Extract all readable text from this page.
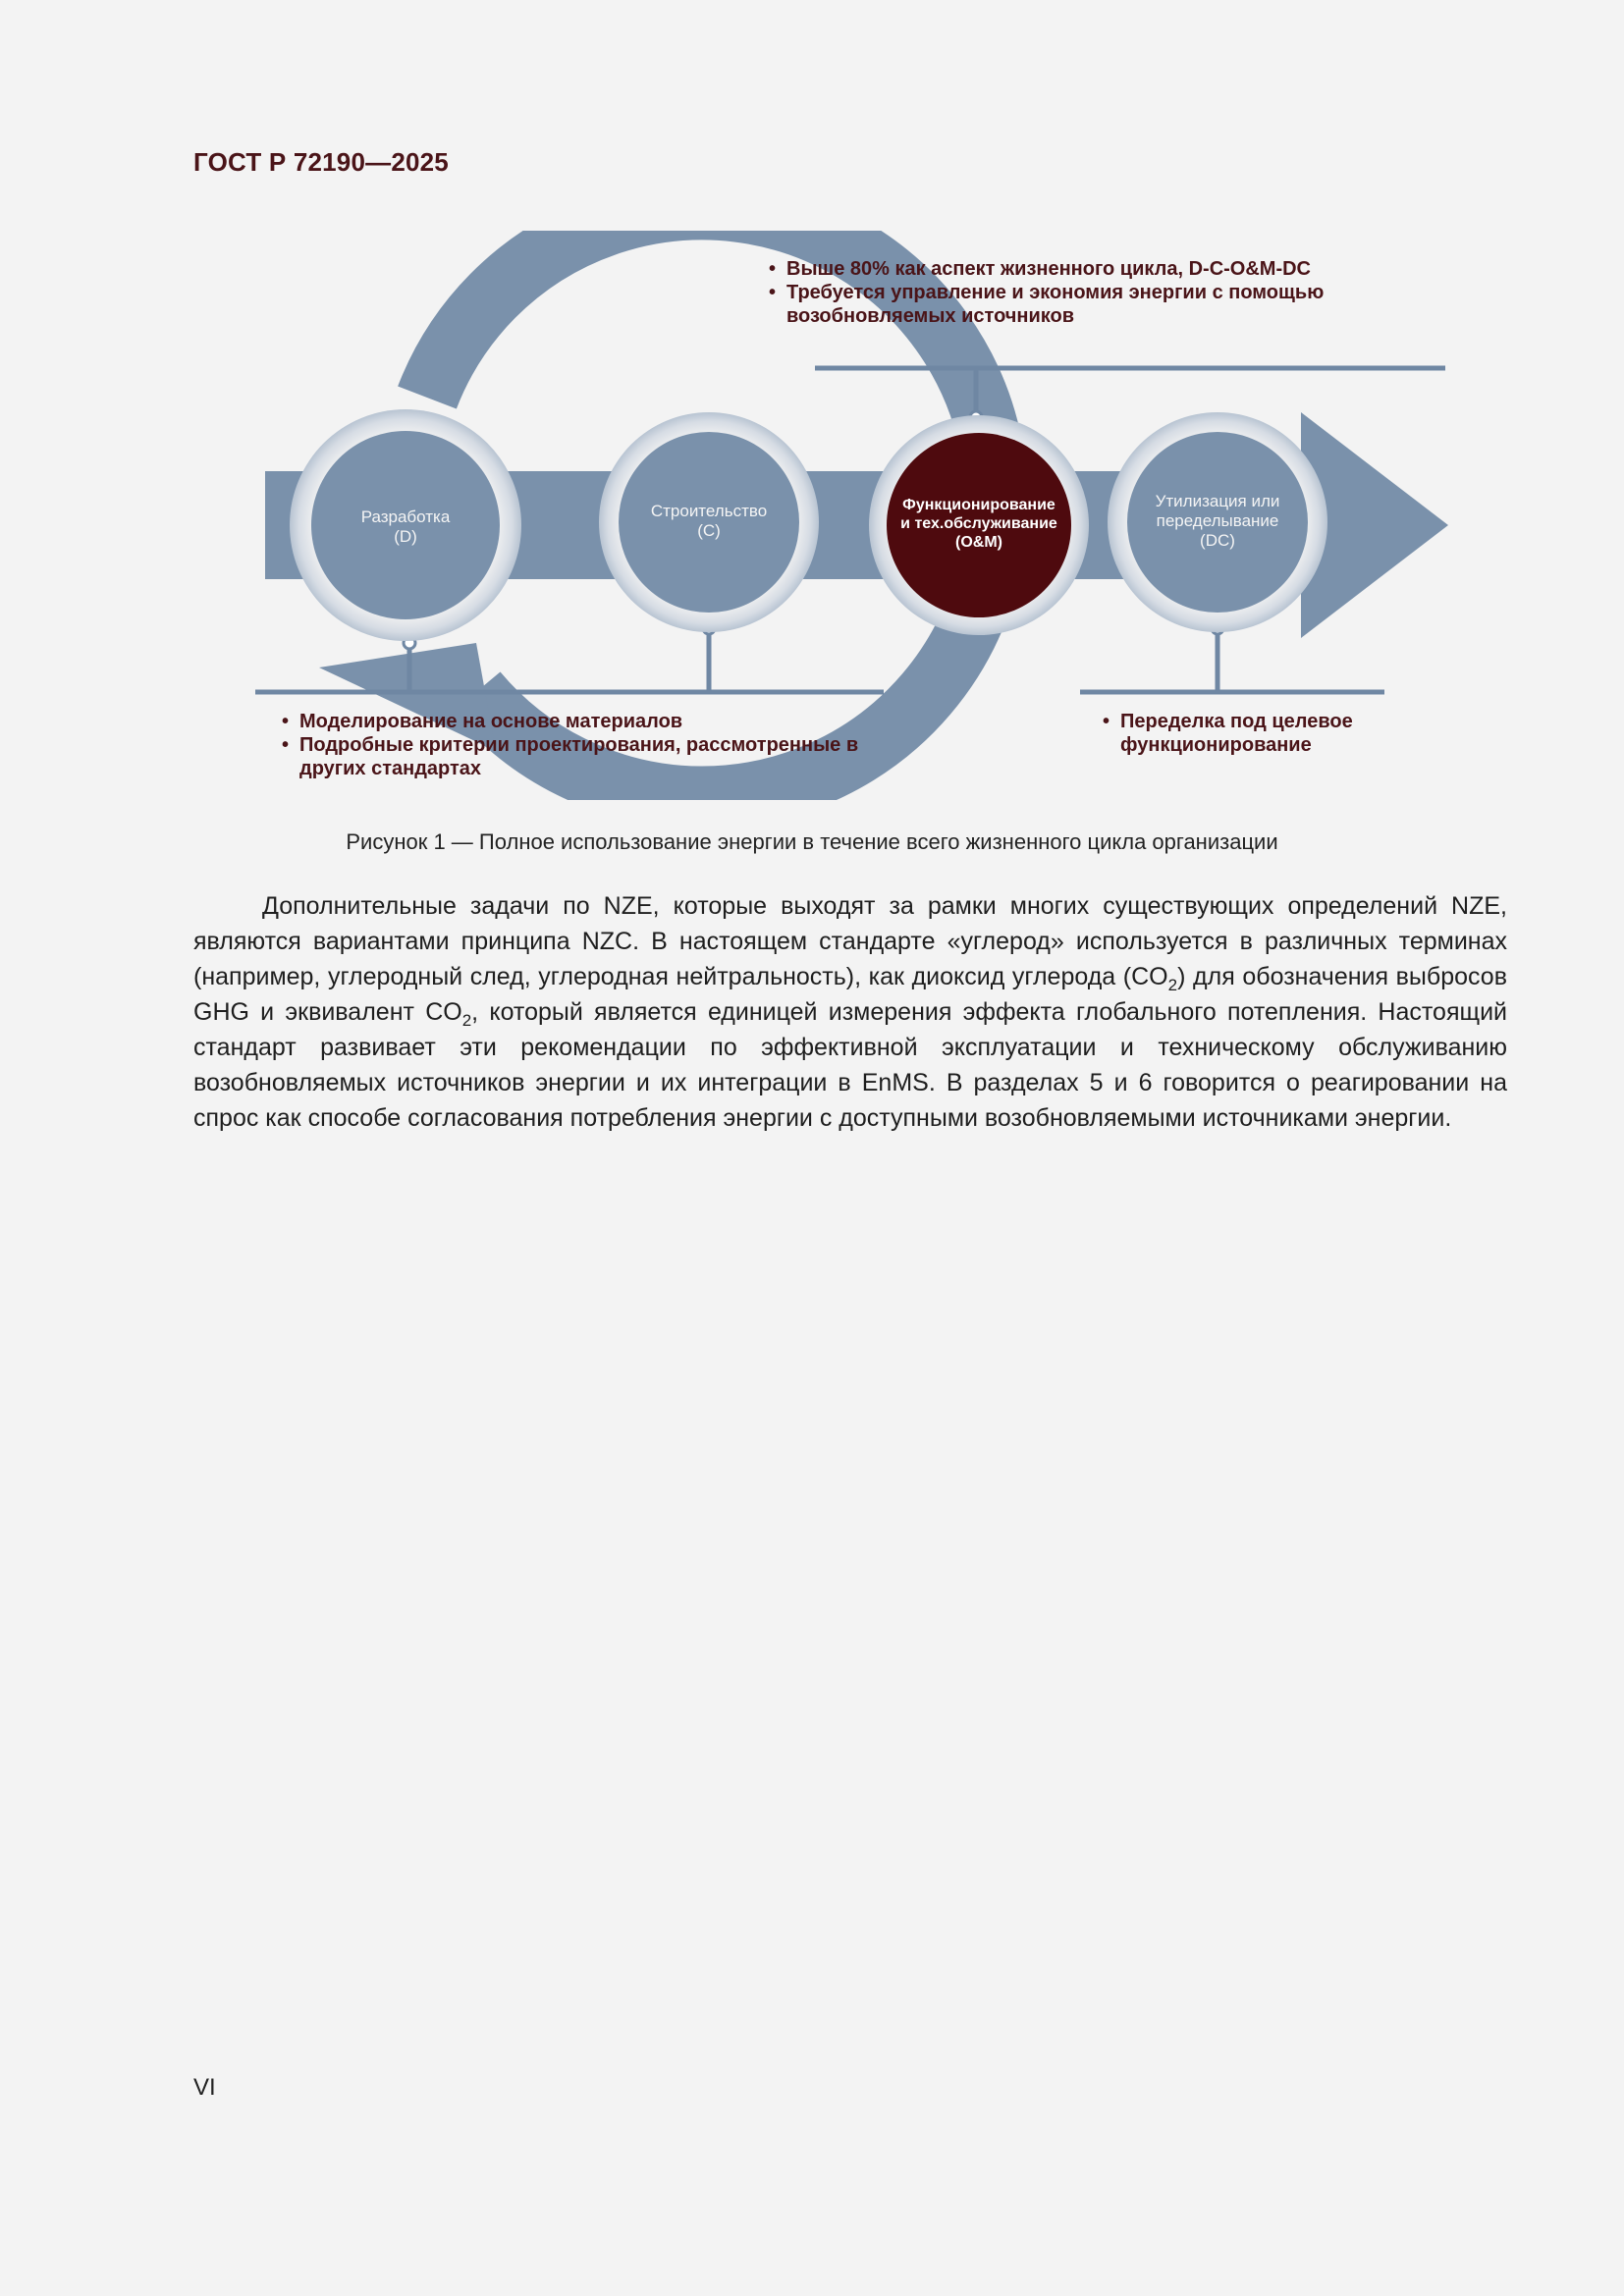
ГОСТ Р 72190—2025
Разработка
(D)
Строительство
(C)
Функционирование
и тех.обслуживание
(O&M)
Утилизация или
переделывание
(DC)
• Выше 80% как аспект жизненного цикла, D-C-O&M-DC
• Требуется управление и экономия энергии с помощью возобновляемых источников
• Моделирование на основе материалов
• Подробные критерии проектирования, рассмотренные в других стандартах
• Переделка под целевое функционирование
Рисунок 1 — Полное использование энергии в течение всего жизненного цикла организации

Дополнительные задачи по NZE, которые выходят за рамки многих существующих определений NZE, являются вариантами принципа NZC. В настоящем стандарте «углерод» используется в различных терминах (например, углеродный след, углеродная нейтральность), как диоксид углерода $(CO_2)$ для обозначения выбросов GHG и эквивалент $CO_2$, который является единицей измерения эффекта глобального потепления. Настоящий стандарт развивает эти рекомендации по эффективной эксплуатации и техническому обслуживанию возобновляемых источников энергии и их интеграции в EnMS. В разделах 5 и 6 говорится о реагировании на спрос как способе согласования потребления энергии с доступными возобновляемыми источниками энергии.

VI
